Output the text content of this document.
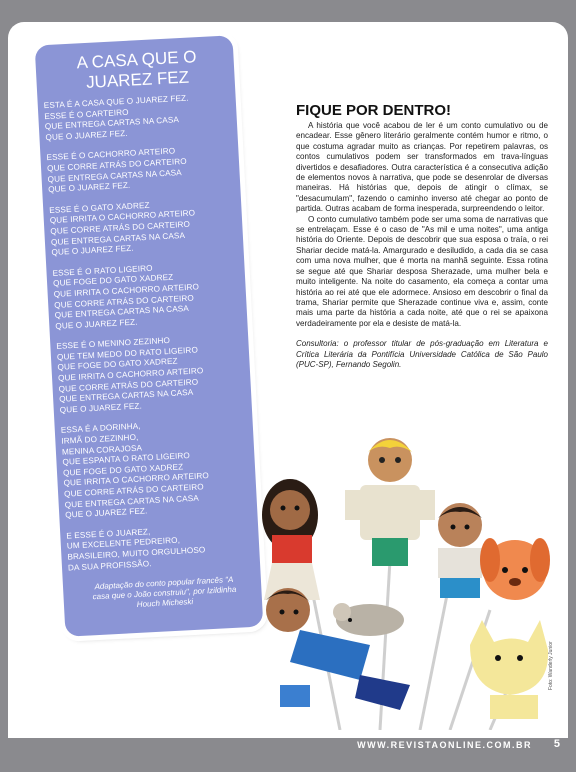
A CASA QUE O
JUAREZ FEZ

ESTA É A CASA QUE O JUAREZ FEZ.
ESSE É O CARTEIRO
QUE ENTREGA CARTAS NA CASA
QUE O JUAREZ FEZ.

ESSE É O CACHORRO ARTEIRO
QUE CORRE ATRÁS DO CARTEIRO
QUE ENTREGA CARTAS NA CASA
QUE O JUAREZ FEZ.

ESSE É O GATO XADREZ
QUE IRRITA O CACHORRO ARTEIRO
QUE CORRE ATRÁS DO CARTEIRO
QUE ENTREGA CARTAS NA CASA
QUE O JUAREZ FEZ.

ESSE É O RATO LIGEIRO
QUE FOGE DO GATO XADREZ
QUE IRRITA O CACHORRO ARTEIRO
QUE CORRE ATRÁS DO CARTEIRO
QUE ENTREGA CARTAS NA CASA
QUE O JUAREZ FEZ.

ESSE É O MENINO ZEZINHO
QUE TEM MEDO DO RATO LIGEIRO
QUE FOGE DO GATO XADREZ
QUE IRRITA O CACHORRO ARTEIRO
QUE CORRE ATRÁS DO CARTEIRO
QUE ENTREGA CARTAS NA CASA
QUE O JUAREZ FEZ.

ESSA É A DORINHA,
IRMÃ DO ZEZINHO,
MENINA CORAJOSA
QUE ESPANTA O RATO LIGEIRO
QUE FOGE DO GATO XADREZ
QUE IRRITA O CACHORRO ARTEIRO
QUE CORRE ATRÁS DO CARTEIRO
QUE ENTREGA CARTAS NA CASA
QUE O JUAREZ FEZ.

E ESSE É O JUAREZ,
UM EXCELENTE PEDREIRO,
BRASILEIRO, MUITO ORGULHOSO
DA SUA PROFISSÃO.

Adaptação do conto popular francês "A
casa que o João construiu", por Izildinha
Houch Micheski
FIQUE POR DENTRO!

A história que você acabou de ler é um conto cumulativo ou de encadear. Esse gênero literário geralmente contém humor e ritmo, o que costuma agradar muito as crianças. Por repetirem palavras, os contos cumulativos podem ser transformados em trava-línguas divertidos e desafiadores. Outra característica é a consecutiva adição de elementos novos à narrativa, que pode se desenrolar de diversas maneiras. Há histórias que, depois de atingir o clímax, se "desacumulam", fazendo o caminho inverso até chegar ao ponto de partida. Outras acabam de forma inesperada, surpreendendo o leitor.

O conto cumulativo também pode ser uma soma de narrativas que se entrelaçam. Esse é o caso de "As mil e uma noites", uma antiga história do Oriente. Depois de descobrir que sua esposa o traía, o rei Shariar decide matá-la. Amargurado e desiludido, a cada dia se casa com uma nova mulher, que é morta na manhã seguinte. Essa rotina se segue até que Shariar desposa Sherazade, uma mulher bela e muito inteligente. Na noite do casamento, ela começa a contar uma história ao rei até que ele adormece. Ansioso em descobrir o final da trama, Shariar permite que Sherazade continue viva e, assim, conte mais uma parte da história a cada noite, até que o rei se apaixona verdadeiramente por ela e desiste de matá-la.

Consultoria: o professor titular de pós-graduação em Literatura e Crítica Literária da Pontifícia Universidade Católica de São Paulo (PUC-SP), Fernando Segolin.

Foto: Wanderly Junior
WWW.REVISTAONLINE.COM.BR 5
